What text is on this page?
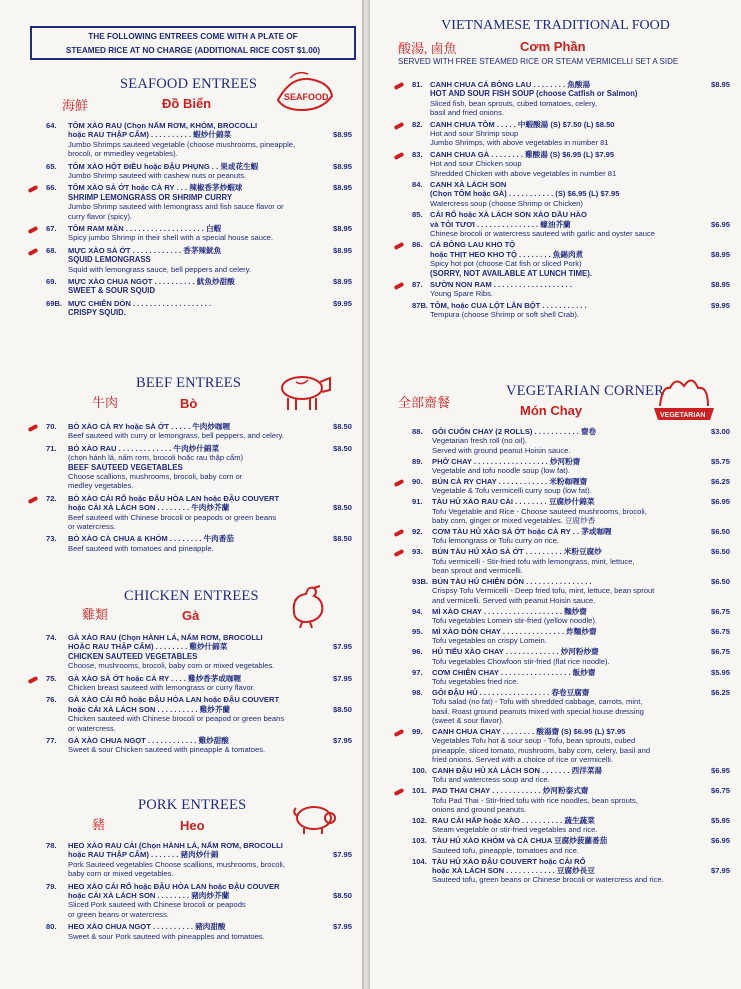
THE FOLLOWING ENTREES COME WITH A PLATE OF
STEAMED RICE AT NO CHARGE (ADDITIONAL RICE COST $1.00)
SEAFOOD ENTREES
海鮮	Đồ Biển	SEAFOOD
BEEF ENTREES
牛肉	Bò
CHICKEN ENTREES
雞類	Gà
PORK ENTREES
豬	Heo
64. TÔM XÀO RAU (Chọn NẤM RƠM, KHÓM, BROCOLLI
hoặc RAU THẬP CẨM) . . . . . . . . . . 蝦炒什錦菜	$8.95
Jumbo Shrimps sauteed vegetable (choose mushrooms, pineapple,
brocoli, or mmedley vegetables).
65. TÔM XÀO HỘT ĐIỀU hoặc ĐẬU PHỤNG . . 果或花生蝦	$8.95
Jumbo Shrimp sauteed with cashew nuts or peanuts.
66. TÔM XÀO SẢ ỚT hoặc CÀ RY . . . 辣椒香茅炒蝦球	$8.95
SHRIMP LEMONGRASS OR SHRIMP CURRY
Jumbo Shrimp sauteed with lemongrass and fish sauce flavor or
curry flavor (spicy).
67. TÔM RAM MẶN . . . . . . . . . . . . . . . . . . . 白蝦	$8.95
Spicy jumbo Shrimp in their shell with a special house sauce.
68. MỰC XÀO SẢ ỚT . . . . . . . . . . . . 香茅辣魷魚	$8.95
SQUID LEMONGRASS
Squid with lemongrass sauce, bell peppers and celery.
69. MỰC XÀO CHUA NGỌT . . . . . . . . . . 魷魚炒甜酸	$8.95
SWEET & SOUR SQUID
69B. MỰC CHIÊN DÒN . . . . . . . . . . . . . . . . . . .	$9.95
CRISPY SQUID.
70. BÒ XÀO CÀ RY hoặc SẢ ỚT . . . . . 牛肉炒咖喱	$8.50
Beef sauteed with curry or lemongrass, bell peppers, and celery.
71. BÒ XÀO RAU . . . . . . . . . . . . . 牛肉炒什錦菜	$8.50
(chọn hành lá, nấm rơm, brocoli hoặc rau thập cẩm)
BEEF SAUTEED VEGETABLES
Choose scallions, mushrooms, brocoli, baby corn or
medley vegetables.
72. BÒ XÀO CẢI RỔ hoặc ĐẬU HÒA LAN hoặc ĐẬU COUVERT
hoặc CẢI XÀ LÁCH SON . . . . . . . . 牛肉炒芥蘭	$8.50
Beef sauteed with Chinese brocoli or peapods or green beans
or watercress.
73. BÒ XÀO CÀ CHUA & KHÓM . . . . . . . . 牛肉番茄	$8.50
Beef sauteed with tomatoes and pineapple.
74. GÀ XÀO RAU (Chọn HÀNH LÁ, NẤM RƠM, BROCOLLI
HOẶC RAU THẬP CẨM) . . . . . . . . 雞炒什錦菜	$7.95
CHICKEN SAUTEED VEGETABLES
Choose, mushrooms, brocoli, baby corn or mixed vegetables.
75. GÀ XÀO SẢ ỚT hoặc CÀ RY . . . . 雞炒香茅或咖喱	$7.95
Chicken breast sauteed with lemongrass or curry flavor.
76. GÀ XÀO CẢI RỔ hoặc ĐẬU HÒA LAN hoặc ĐẬU COUVERT
hoặc CẢI XÀ LÁCH SON . . . . . . . . . . 雞炒芥蘭	$8.50
Chicken sauteed with Chinese brocoli or peapod or green beans
or watercress.
77. GÀ XÀO CHUA NGỌT . . . . . . . . . . . . 雞炒甜酸	$7.95
Sweet & sour Chicken sauteed with pineapple & tomatoes.
78. HEO XÀO RAU CẢI (Chọn HÀNH LÁ, NẤM RƠM, BROCOLLI
hoặc RAU THẬP CẨM) . . . . . . . 豬肉炒什錦	$7.95
Pork Sauteed vegetables Choose scallions, mushrooms, brocoli,
baby corn or mixed vegetables.
79. HEO XÀO CẢI RỔ hoặc ĐẬU HÒA LAN hoặc ĐẬU COUVER
hoặc CẢI XÀ LÁCH SON . . . . . . . . 豬肉炒芥蘭	$8.50
Sliced Pork sauteed with Chinese brocoli or peapods
or green beans or watercress.
80. HEO XÀO CHUA NGỌT . . . . . . . . . . 豬肉甜酸	$7.95
Sweet & sour Pork sauteed with pineapples and tomatoes.
VIETNAMESE TRADITIONAL FOOD
酸湯, 鹵魚	Cơm Phần
SERVED WITH FREE STEAMED RICE OR STEAM VERMICELLI SET A SIDE
VEGETARIAN CORNER
全部齋餐
Món Chay	VEGETARIAN
81. CANH CHUA CÁ BÔNG LAU . . . . . . . . 魚酸湯	$8.95
HOT AND SOUR FISH SOUP (choose Catfish or Salmon)
Sliced fish, bean sprouts, cubed tomatoes, celery,
basil and fried onions.
82. CANH CHUA TÔM . . . . . 中蝦酸湯 (S) $7.50 (L) $8.50
Hot and sour Shrimp soup
Jumbo Shrimps, with above vegetables in number 81
83. CANH CHUA GÀ . . . . . . . . 雞酸湯 (S) $6.95 (L) $7.95
Hot and sour Chicken soup
Shredded Chicken with above vegetables in number 81
84. CANH XÀ LÁCH SON
(Chọn TÔM hoặc GÀ) . . . . . . . . . . . (S) $6.95 (L) $7.95
Watercress soup (choose Shrimp or Chicken)
85. CẢI RỔ hoặc XÀ LÁCH SON XÀO DẦU HÀO
và TỎI TƯƠI . . . . . . . . . . . . . . . 蠔油芥蘭	$6.95
Chinese brocoli or watercress sauteed with garlic and oyster sauce
86. CÁ BÔNG LAU KHO TỘ
hoặc THỊT HEO KHO TỘ . . . . . . . . 魚錫肉煮	$8.95
Spicy hot pot (choose Cat fish or sliced Pork)
(SORRY, NOT AVAILABLE AT LUNCH TIME).
87. SƯỜN NON RAM . . . . . . . . . . . . . . . . . . .	$8.95
Young Spare Ribs.
87B. TÔM, hoặc CUA LỘT LĂN BỘT . . . . . . . . . . .	$9.95
Tempura (choose Shrimp or soft shell Crab).
88. GỎI CUỐN CHAY (2 ROLLS) . . . . . . . . . . . 齋卷	$3.00
Vegetarian fresh roll (no oil).
Served with ground peanut Hoisin sauce.
89. PHỞ CHAY . . . . . . . . . . . . . . . . . . 炒河粉齋	$5.75
Vegetable and tofu noodle soup (low fat).
90. BÚN CÀ RY CHAY . . . . . . . . . . . . 米粉咖喱齋	$6.25
Vegetable & Tofu vermicelli curry soup (low fat).
91. TÀU HỦ XÀO RAU CẢI . . . . . . . . 豆腐炒什錦菜	$6.95
Tofu Vegetable and Rice - Choose sauteed mushrooms, brocoli,
baby corn, ginger or mixed vegetables. 豆腐炒香
92. CƠM TÀU HỦ XÀO SẢ ỚT hoặc CÀ RY . . 茅或咖喱	$6.50
Tofu lemongrass or Tofu curry on rice.
93. BÚN TÀU HỦ XÀO SẢ ỚT . . . . . . . . . 米粉豆腐炒	$6.50
Tofu vermicelli - Stir-fried tofu with lemongrass, mint, lettuce,
bean sprout and vermicelli.
93B. BÚN TÀU HỦ CHIÊN DÒN . . . . . . . . . . . . . . . .	$6.50
Crispsy Tofu Vermicelli - Deep fried tofu, mint, lettuce, bean sprout
and vermicelli. Served with peanut Hoisin sauce.
94. MÌ XÀO CHAY . . . . . . . . . . . . . . . . . . . 麵炒齋	$6.75
Tofu vegetables Lomein stir-fried (yellow noodle).
95. MÌ XÀO DÒN CHAY . . . . . . . . . . . . . . . 炸麵炒齋	$6.75
Tofu vegetables on crispy Lomein.
96. HỦ TIẾU XÀO CHAY . . . . . . . . . . . . . 炒河粉炒齋	$6.75
Tofu vegetables Chowfoon stir-fried (flat rice noodle).
97. CƠM CHIÊN CHAY . . . . . . . . . . . . . . . . . 飯炒齋	$5.95
Tofu vegetables fried rice.
98. GỎI ĐẬU HỦ . . . . . . . . . . . . . . . . . 春卷豆腐齋	$6.25
Tofu salad (no fat) - Tofu with shredded cabbage, carrots, mint,
basil. Roast ground peanuts mixed with special house dressing
(sweet & sour flavor).
99. CANH CHUA CHAY . . . . . . . . 酸湯齋 (S) $6.95 (L) $7.95
Vegetables Tofu hot & sour soup - Tofu, bean sprouts, cubed
pineapple, sliced tomato, mushroom, baby corn, celery, basil and
fried onions. Served with a choice of rice or vermicelli.
100. CANH ĐẬU HỦ XÀ LÁCH SON . . . . . . . 西洋菜湯	$6.95
Tofu and watercress soup and rice.
101. PAD THAI CHAY . . . . . . . . . . . . 炒河粉泰式齋	$6.75
Tofu Pad Thai - Stir-fried tofu with rice noodles, bean sprouts,
onions and ground peanuts.
102. RAU CẢI HẤP hoặc XÀO . . . . . . . . . . 蔬生蔬菜	$5.95
Steam vegetable or stir-fried vegetables and rice.
103. TÀU HỦ XÀO KHÓM và CÀ CHUA 豆腐炒菠蘿番茄	$6.95
Sauteed tofu, pineapple, tomatoes and rice.
104. TÀU HỦ XÀO ĐẬU COUVERT hoặc CẢI RỔ
hoặc XÀ LÁCH SON . . . . . . . . . . . . 豆腐炒長豆	$7.95
Sauteed tofu, green beans or Chinese brocoli or watercress and rice.
